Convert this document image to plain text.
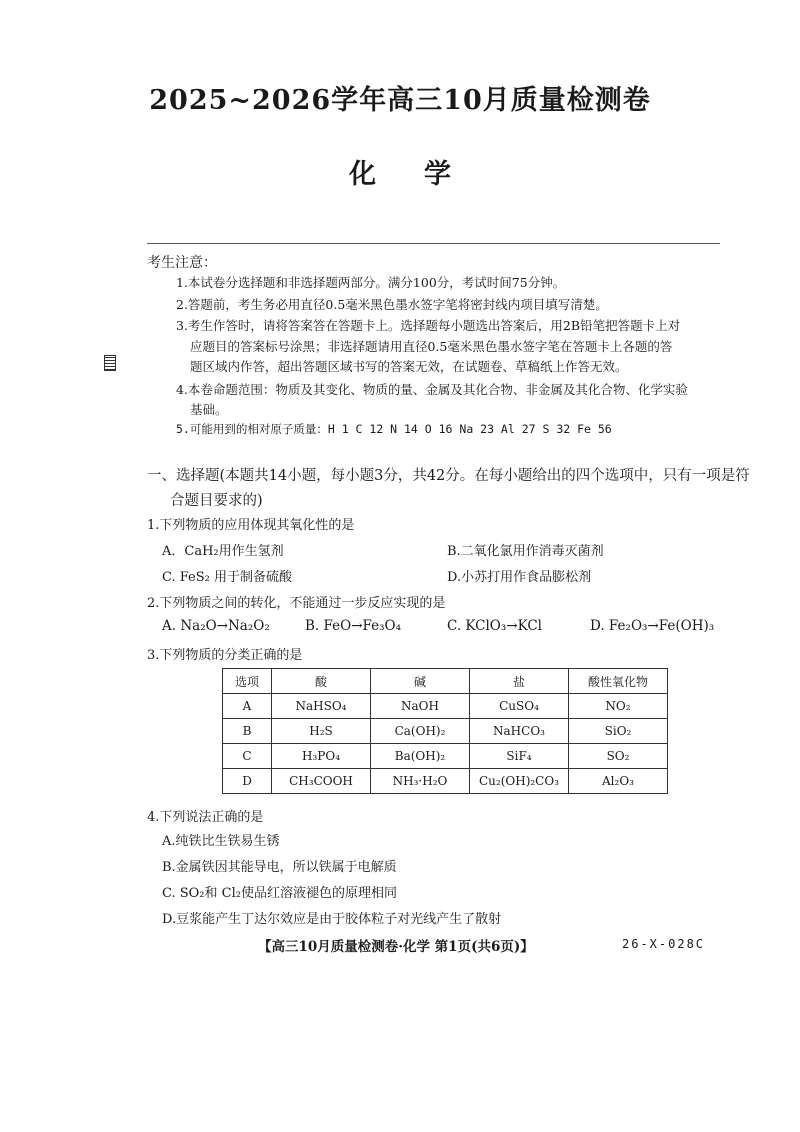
2025~2026学年高三10月质量检测卷
化学
考生注意：
1.本试卷分选择题和非选择题两部分。满分100分，考试时间75分钟。
2.答题前，考生务必用直径0.5毫米黑色墨水签字笔将密封线内项目填写清楚。
3.考生作答时，请将答案答在答题卡上。选择题每小题选出答案后，用2B铅笔把答题卡上对
应题目的答案标号涂黑；非选择题请用直径0.5毫米黑色墨水签字笔在答题卡上各题的答
题区域内作答，超出答题区域书写的答案无效，在试题卷、草稿纸上作答无效。
4.本卷命题范围：物质及其变化、物质的量、金属及其化合物、非金属及其化合物、化学实验
基础。
5.可能用到的相对原子质量：H 1 C 12 N 14 O 16 Na 23 Al 27 S 32 Fe 56
一、选择题(本题共14小题，每小题3分，共42分。在每小题给出的四个选项中，只有一项是符
合题目要求的)
1.下列物质的应用体现其氧化性的是
A．CaH₂用作生氢剂	B.二氧化氯用作消毒灭菌剂
C. FeS₂ 用于制备硫酸	D.小苏打用作食品膨松剂
2.下列物质之间的转化，不能通过一步反应实现的是
A. Na₂O→Na₂O₂	B. FeO→Fe₃O₄	C. KClO₃→KCl	D. Fe₂O₃→Fe(OH)₃
3.下列物质的分类正确的是
选项	酸	碱	盐	酸性氧化物
A	NaHSO₄	NaOH	CuSO₄	NO₂
B	H₂S	Ca(OH)₂	NaHCO₃	SiO₂
C	H₃PO₄	Ba(OH)₂	SiF₄	SO₂
D	CH₃COOH	NH₃·H₂O	Cu₂(OH)₂CO₃	Al₂O₃
4.下列说法正确的是
A.纯铁比生铁易生锈
B.金属铁因其能导电，所以铁属于电解质
C. SO₂和 Cl₂使品红溶液褪色的原理相同
D.豆浆能产生丁达尔效应是由于胶体粒子对光线产生了散射
【高三10月质量检测卷·化学 第1页(共6页)】	26-X-028C
